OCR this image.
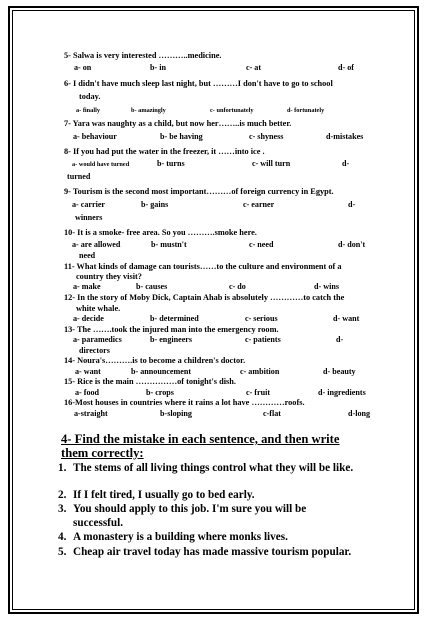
5- Salwa is very interested ………..medicine.
a- on	b- in	c- at	d- of
6- I didn't have much sleep last night, but ………I don't have to go to school
today.
a- finally	b- amazingly	c- unfortunately	d- fortunately
7- Yara was naughty as a child, but now her……..is much better.
a- behaviour	b- be having	c- shyness	d-mistakes
8- If you had put the water in the freezer, it ……into ice .
a- would have turned	b- turns	c- will turn	d-
turned
9- Tourism is the second most important………of foreign currency in Egypt.
a- carrier	b- gains	c- earner	d-
winners
10- It is a smoke- free area. So you ……….smoke here.
a- are allowed	b- mustn't	c- need	d- don't
need
11- What kinds of damage can tourists……to the culture and environment of a
country they visit?
a- make	b- causes	c- do	d- wins
12- In the story of Moby Dick, Captain Ahab is absolutely …………to catch the
white whale.
a- decide	b- determined	c- serious	d- want
13- The …….took the injured man into the emergency room.
a- paramedics	b- engineers	c- patients	d-
directors
14- Noura's……….is to become a children's doctor.
a- want	b- announcement	c- ambition	d- beauty
15- Rice is the main ……………of tonight's dish.
a- food	b- crops	c- fruit	d- ingredients
16-Most houses in countries where it rains a lot have …………roofs.
a-straight	b-sloping	c-flat	d-long
4- Find the mistake in each sentence, and then write them correctly:
1. The stems of all living things control what they will be like.
2. If I felt tired, I usually go to bed early.
3. You should apply to this job. I'm sure you will be successful.
4. A monastery is a building where monks lives.
5. Cheap air travel today has made massive tourism popular.
